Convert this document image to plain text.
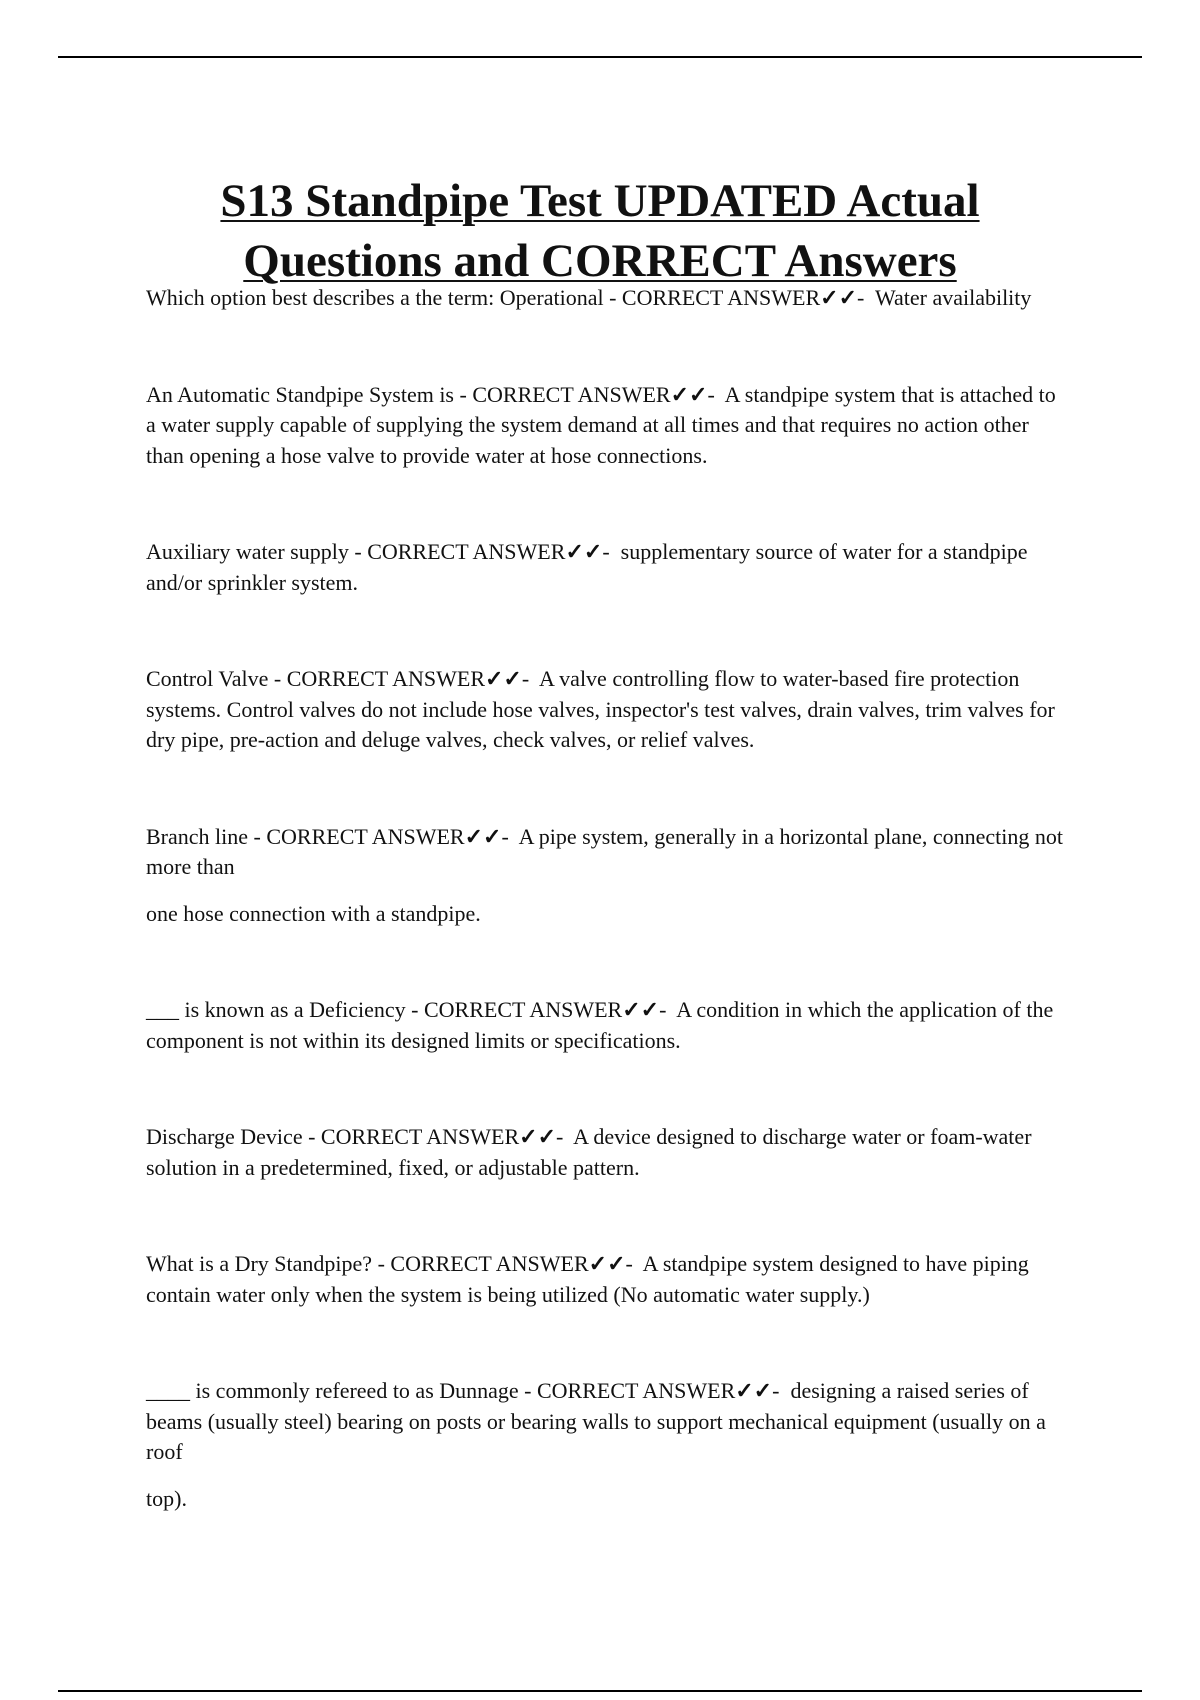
S13 Standpipe Test UPDATED Actual
Questions and CORRECT Answers

Which option best describes a the term: Operational - CORRECT ANSWER✓✓-  Water availability

An Automatic Standpipe System is - CORRECT ANSWER✓✓-  A standpipe system that is attached to a water supply capable of supplying the system demand at all times and that requires no action other than opening a hose valve to provide water at hose connections.

Auxiliary water supply - CORRECT ANSWER✓✓-  supplementary source of water for a standpipe and/or sprinkler system.

Control Valve - CORRECT ANSWER✓✓-  A valve controlling flow to water-based fire protection systems. Control valves do not include hose valves, inspector's test valves, drain valves, trim valves for dry pipe, pre-action and deluge valves, check valves, or relief valves.

Branch line - CORRECT ANSWER✓✓-  A pipe system, generally in a horizontal plane, connecting not more than

one hose connection with a standpipe.

___ is known as a Deficiency - CORRECT ANSWER✓✓-  A condition in which the application of the component is not within its designed limits or specifications.

Discharge Device - CORRECT ANSWER✓✓-  A device designed to discharge water or foam-water solution in a predetermined, fixed, or adjustable pattern.

What is a Dry Standpipe? - CORRECT ANSWER✓✓-  A standpipe system designed to have piping contain water only when the system is being utilized (No automatic water supply.)

____ is commonly refereed to as Dunnage - CORRECT ANSWER✓✓-  designing a raised series of beams (usually steel) bearing on posts or bearing walls to support mechanical equipment (usually on a roof

top).
